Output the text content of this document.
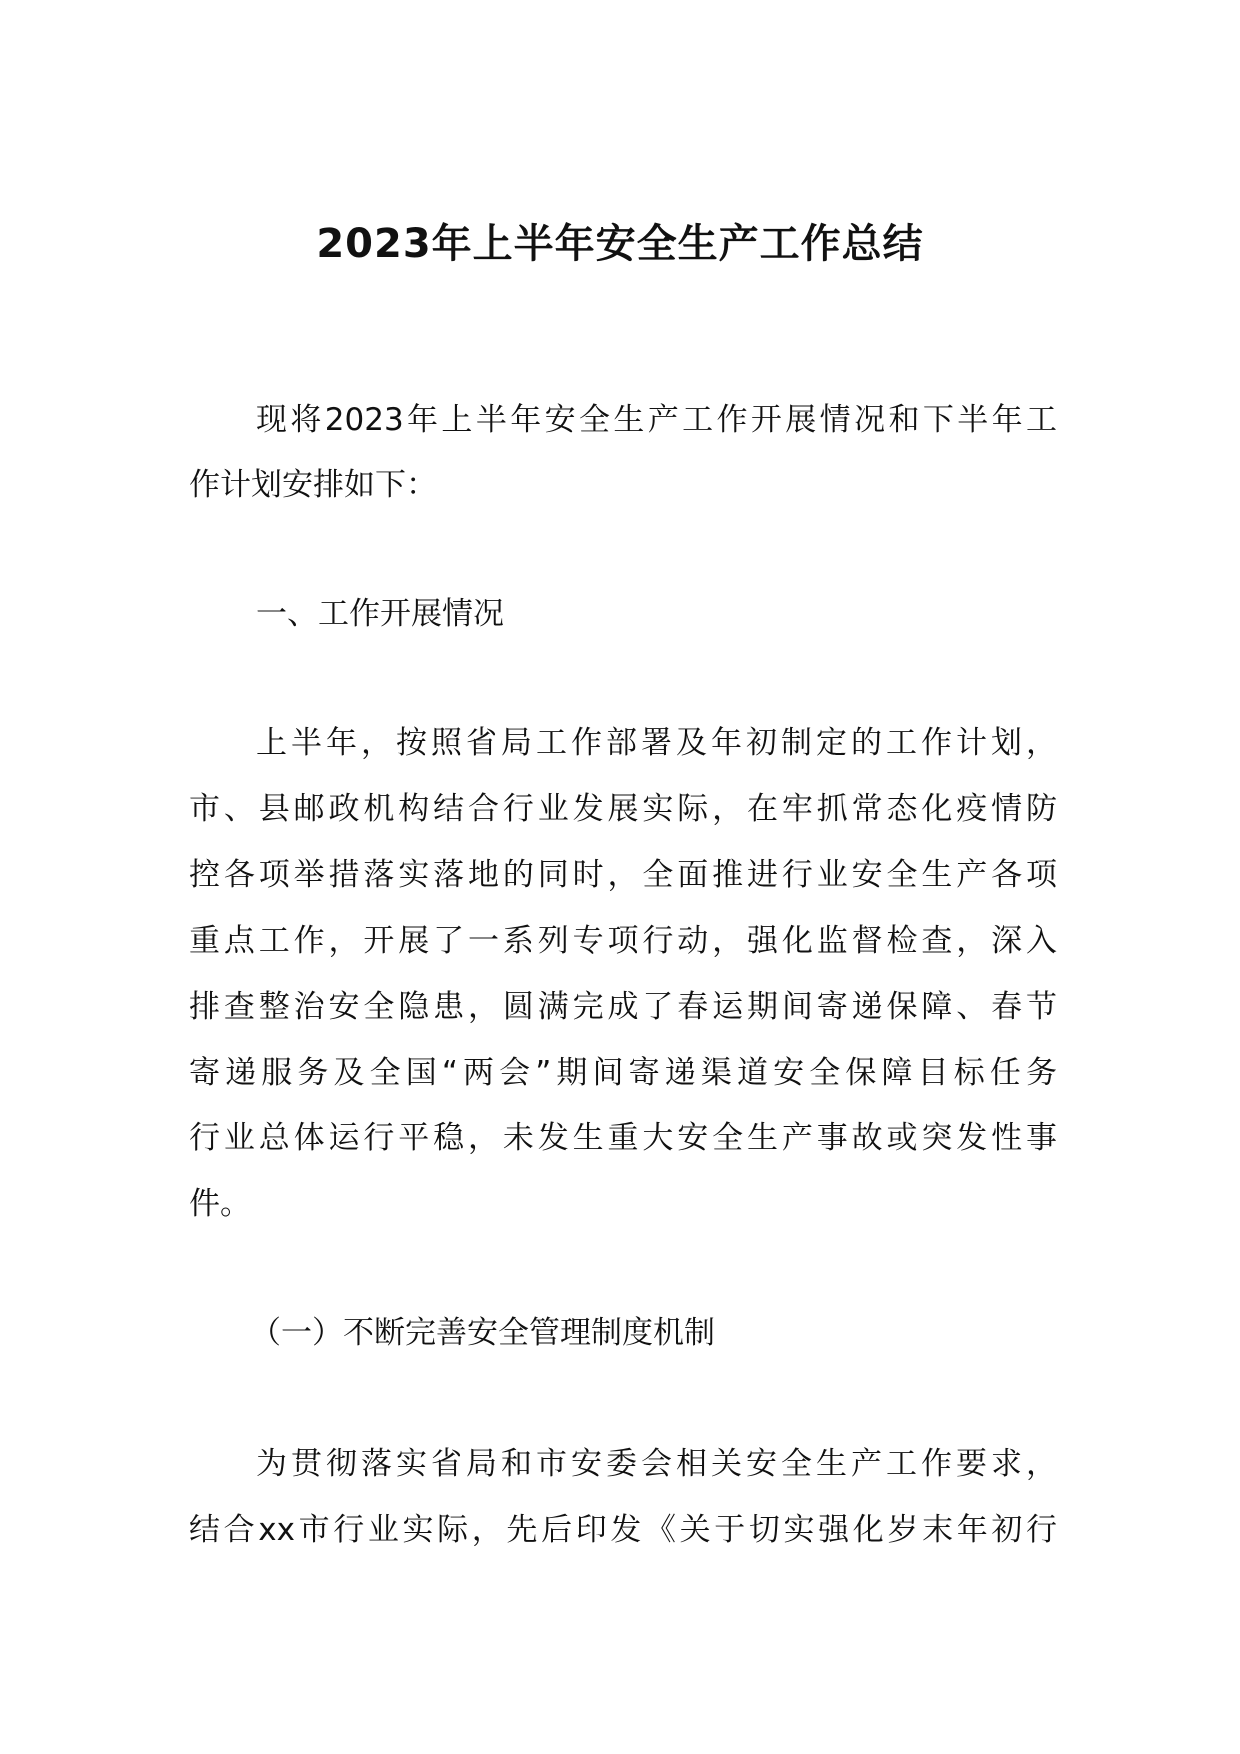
2023年上半年安全生产工作总结
现将2023年上半年安全生产工作开展情况和下半年工
作计划安排如下：
一、工作开展情况
上半年，按照省局工作部署及年初制定的工作计划，
市、县邮政机构结合行业发展实际，在牢抓常态化疫情防
控各项举措落实落地的同时，全面推进行业安全生产各项
重点工作，开展了一系列专项行动，强化监督检查，深入
排查整治安全隐患，圆满完成了春运期间寄递保障、春节
寄递服务及全国“两会”期间寄递渠道安全保障目标任务
行业总体运行平稳，未发生重大安全生产事故或突发性事
件。
（一）不断完善安全管理制度机制
为贯彻落实省局和市安委会相关安全生产工作要求，
结合xx市行业实际，先后印发《关于切实强化岁末年初行
